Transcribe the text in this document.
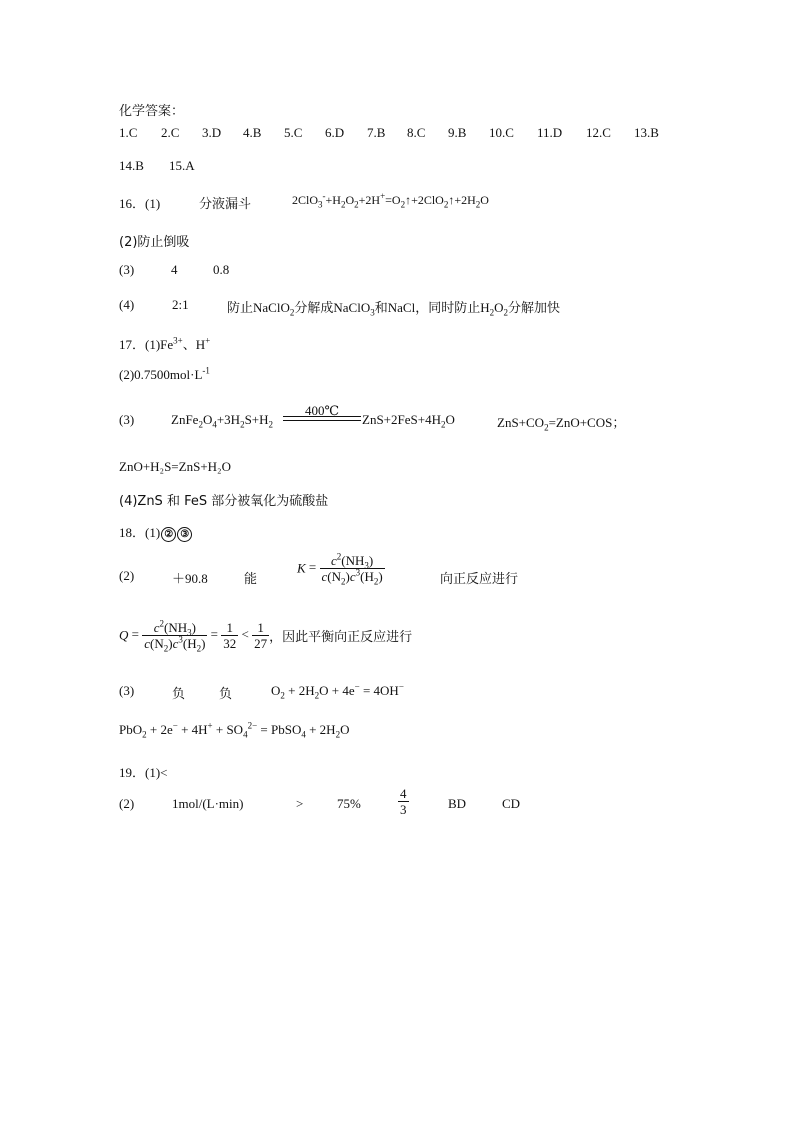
化学答案：
1.C 2.C 3.D 4.B 5.C 6.D 7.B 8.C 9.B 10.C 11.D 12.C 13.B
14.B 15.A
16．(1)	分液漏斗	$2ClO_3^-+H_2O_2+2H^+=O_2↑+2ClO_2↑+2H_2O$
(2)防止倒吸
(3)	4	0.8
(4)	2:1	防止NaClO$_2$分解成NaClO$_3$和NaCl，同时防止$H_2O_2$分解加快
17．$(1)Fe^{3+}$、H+
$(2)0.7500mol\cdot L^{-1}$
(3)	$ZnFe_2O_4+3H_2S+H_2$
400℃
$ZnS+2FeS+4H_2O$	$ZnS+CO_2=ZnO+COS$；
ZnO+H₂S=ZnS+H₂O
(4)ZnS 和 FeS 部分被氧化为硫酸盐
18．(1) ② ③
(2)	＋90.8	能
$K = \frac{c^2(NH_3)}{c(N_2)c^3(H_2)}$	向正反应进行
$Q = \frac{c^2(NH_3)}{c(N_2)c^3(H_2)} = \frac{1}{32} < \frac{1}{27}$ ，因此平衡向正反应进行
(3)	负	负	$O_2 + 2H_2O + 4e^- = 4OH^-$
$PbO_2 + 2e^- + 4H^+ + SO_4^{2-}$ = PbSO$_4$ + $2H_2O$
19．(1)<
(2)	1mol/(L·min)	>	75%	$\frac{4}{3}$	BD	CD
